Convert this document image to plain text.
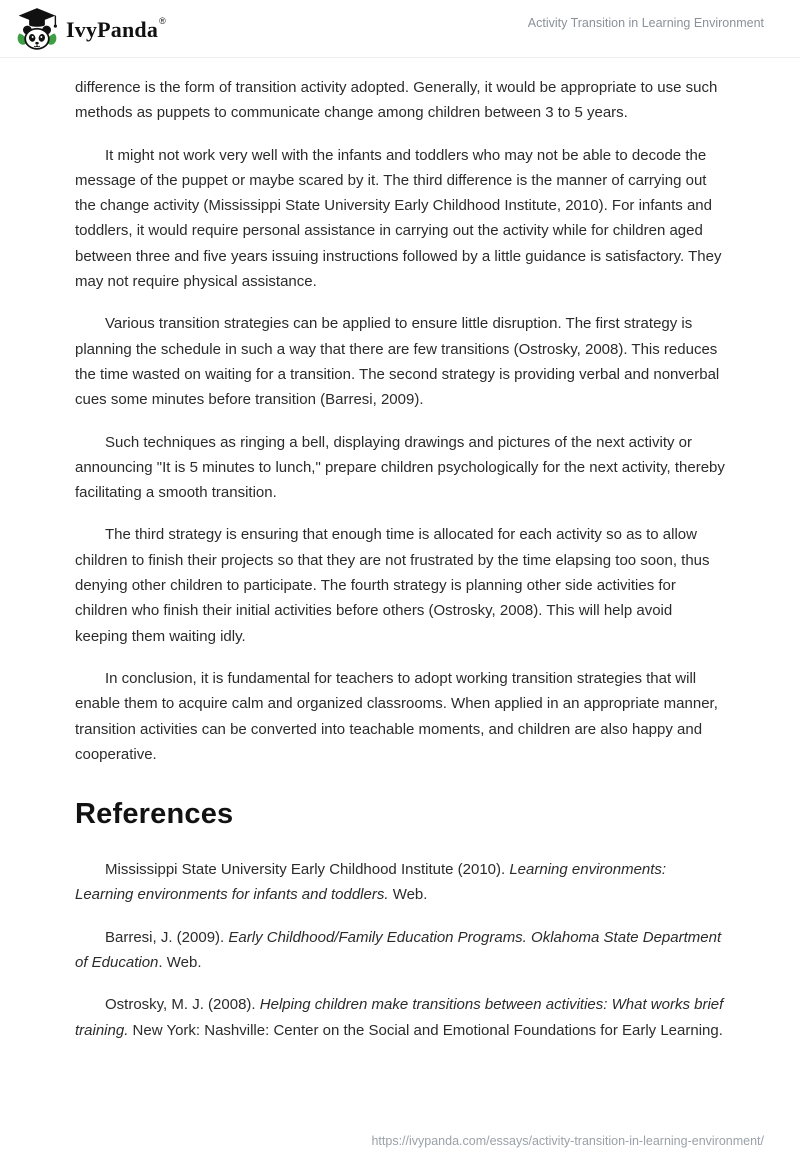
IvyPanda®	Activity Transition in Learning Environment

difference is the form of transition activity adopted. Generally, it would be appropriate to use such methods as puppets to communicate change among children between 3 to 5 years.

It might not work very well with the infants and toddlers who may not be able to decode the message of the puppet or maybe scared by it. The third difference is the manner of carrying out the change activity (Mississippi State University Early Childhood Institute, 2010). For infants and toddlers, it would require personal assistance in carrying out the activity while for children aged between three and five years issuing instructions followed by a little guidance is satisfactory. They may not require physical assistance.

Various transition strategies can be applied to ensure little disruption. The first strategy is planning the schedule in such a way that there are few transitions (Ostrosky, 2008). This reduces the time wasted on waiting for a transition. The second strategy is providing verbal and nonverbal cues some minutes before transition (Barresi, 2009).

Such techniques as ringing a bell, displaying drawings and pictures of the next activity or announcing "It is 5 minutes to lunch," prepare children psychologically for the next activity, thereby facilitating a smooth transition.

The third strategy is ensuring that enough time is allocated for each activity so as to allow children to finish their projects so that they are not frustrated by the time elapsing too soon, thus denying other children to participate. The fourth strategy is planning other side activities for children who finish their initial activities before others (Ostrosky, 2008). This will help avoid keeping them waiting idly.

In conclusion, it is fundamental for teachers to adopt working transition strategies that will enable them to acquire calm and organized classrooms. When applied in an appropriate manner, transition activities can be converted into teachable moments, and children are also happy and cooperative.

References

Mississippi State University Early Childhood Institute (2010). Learning environments: Learning environments for infants and toddlers. Web.

Barresi, J. (2009). Early Childhood/Family Education Programs. Oklahoma State Department of Education. Web.

Ostrosky, M. J. (2008). Helping children make transitions between activities: What works brief training. New York: Nashville: Center on the Social and Emotional Foundations for Early Learning.

https://ivypanda.com/essays/activity-transition-in-learning-environment/
